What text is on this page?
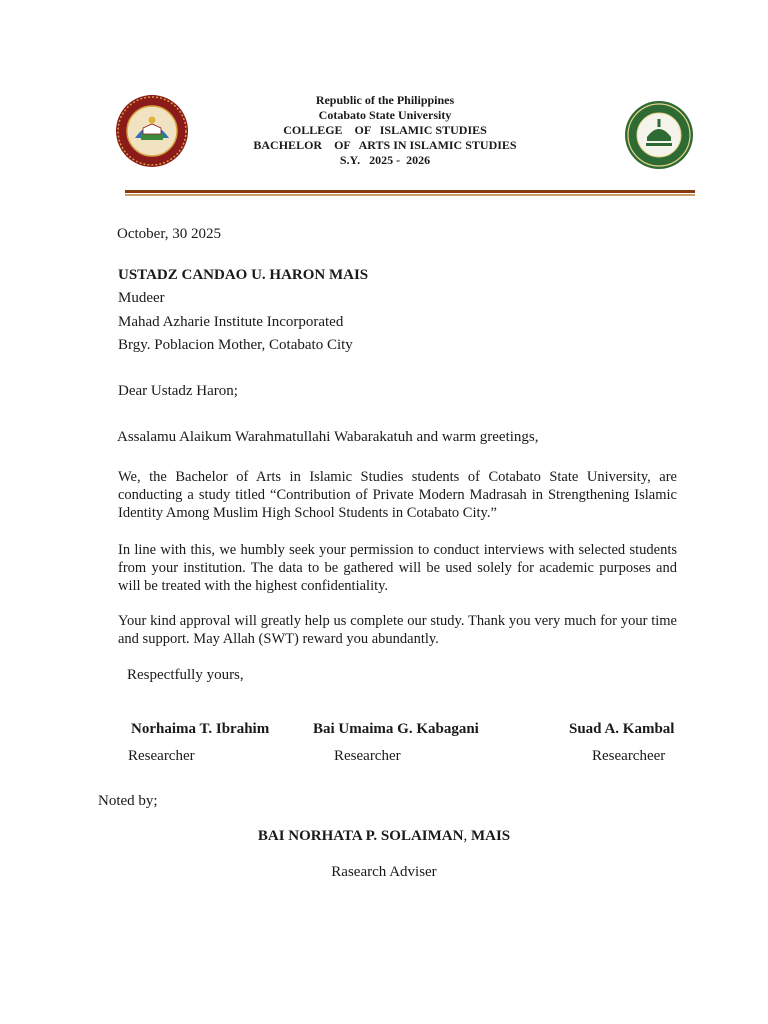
Republic of the Philippines
Cotabato State University
COLLEGE    OF   ISLAMIC STUDIES
BACHELOR    OF   ARTS IN ISLAMIC STUDIES
S.Y.   2025 -  2026
October, 30 2025
USTADZ CANDAO U. HARON MAIS
Mudeer
Mahad Azharie Institute Incorporated
Brgy. Poblacion Mother, Cotabato City
Dear Ustadz Haron;
Assalamu Alaikum Warahmatullahi Wabarakatuh and warm greetings,
We, the Bachelor of Arts in Islamic Studies students of Cotabato State University, are conducting a study titled “Contribution of Private Modern Madrasah in Strengthening Islamic Identity Among Muslim High School Students in Cotabato City.”
In line with this, we humbly seek your permission to conduct interviews with selected students from your institution. The data to be gathered will be used solely for academic purposes and will be treated with the highest confidentiality.
Your kind approval will greatly help us complete our study. Thank you very much for your time and support. May Allah (SWT) reward you abundantly.
Respectfully yours,
Norhaima T. Ibrahim
Researcher
Bai Umaima G. Kabagani
Researcher
Suad A. Kambal
Researcheer
Noted by;
BAI NORHATA P. SOLAIMAN, MAIS
Rasearch Adviser
